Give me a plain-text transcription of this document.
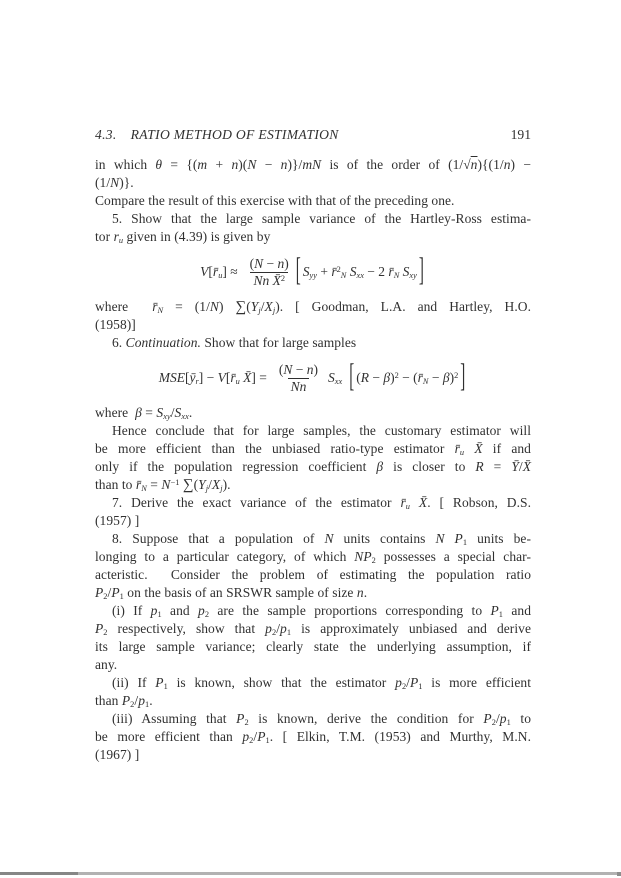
4.3. RATIO METHOD OF ESTIMATION	191
in which θ = {(m + n)(N − n)}/mN is of the order of (1/√n){(1/n) −
(1/N)}.
Compare the result of this exercise with that of the preceding one.
5. Show that the large sample variance of the Hartley-Ross estima-
tor $r_u$ given in (4.39) is given by
$V[r̄_u] \approx \frac{(N - n)}{Nn X̄^2}$ [ $S_{yy}$ + r̄$^2_N$ $S_{xx} - 2$ $r̄_N$ $S_{xy}$ ]
where  $r̄_N = (1/N)$ $\sum(Y_j/X_j)$. [ Goodman, L.A. and Hartley, H.O.
(1958)]
6. Continuation. Show that for large samples
$MSE[ȳ_r]$ − $V[r̄_u$ X̄] = $\frac{(N - n)}{Nn} S_{xx}$ [ $(R - \beta)^2$ − $(r̄_N - \beta)^2$ ]
where  $\beta = S_{xy}/S_{xx}$.
Hence conclude that for large samples, the customary estimator will
be more efficient than the unbiased ratio-type estimator $r̄_u$ X̄ if and
only if the population regression coefficient β is closer to R = Ȳ/X̄
than to $r̄_N = N^{-1}$ $\sum(Y_j/X_j)$.
7. Derive the exact variance of the estimator $r̄_u$ X̄. [ Robson, D.S.
(1957) ]
8. Suppose that a population of N units contains N $P_1$ units be-
longing to a particular category, of which $NP_2$ possesses a special char-
acteristic.  Consider the problem of estimating the population ratio
$P_2/P_1$ on the basis of an SRSWR sample of size n.
(i) If $p_1$ and $p_2$ are the sample proportions corresponding to $P_1$ and
$P_2$ respectively, show that $p_2/p_1$ is approximately unbiased and derive
its large sample variance; clearly state the underlying assumption, if
any.
(ii) If $P_1$ is known, show that the estimator $p_2/P_1$ is more efficient
than $P_2/p_1$.
(iii) Assuming that $P_2$ is known, derive the condition for $P_2/p_1$ to
be more efficient than $p_2/P_1$. [ Elkin, T.M. (1953) and Murthy, M.N.
(1967) ]
